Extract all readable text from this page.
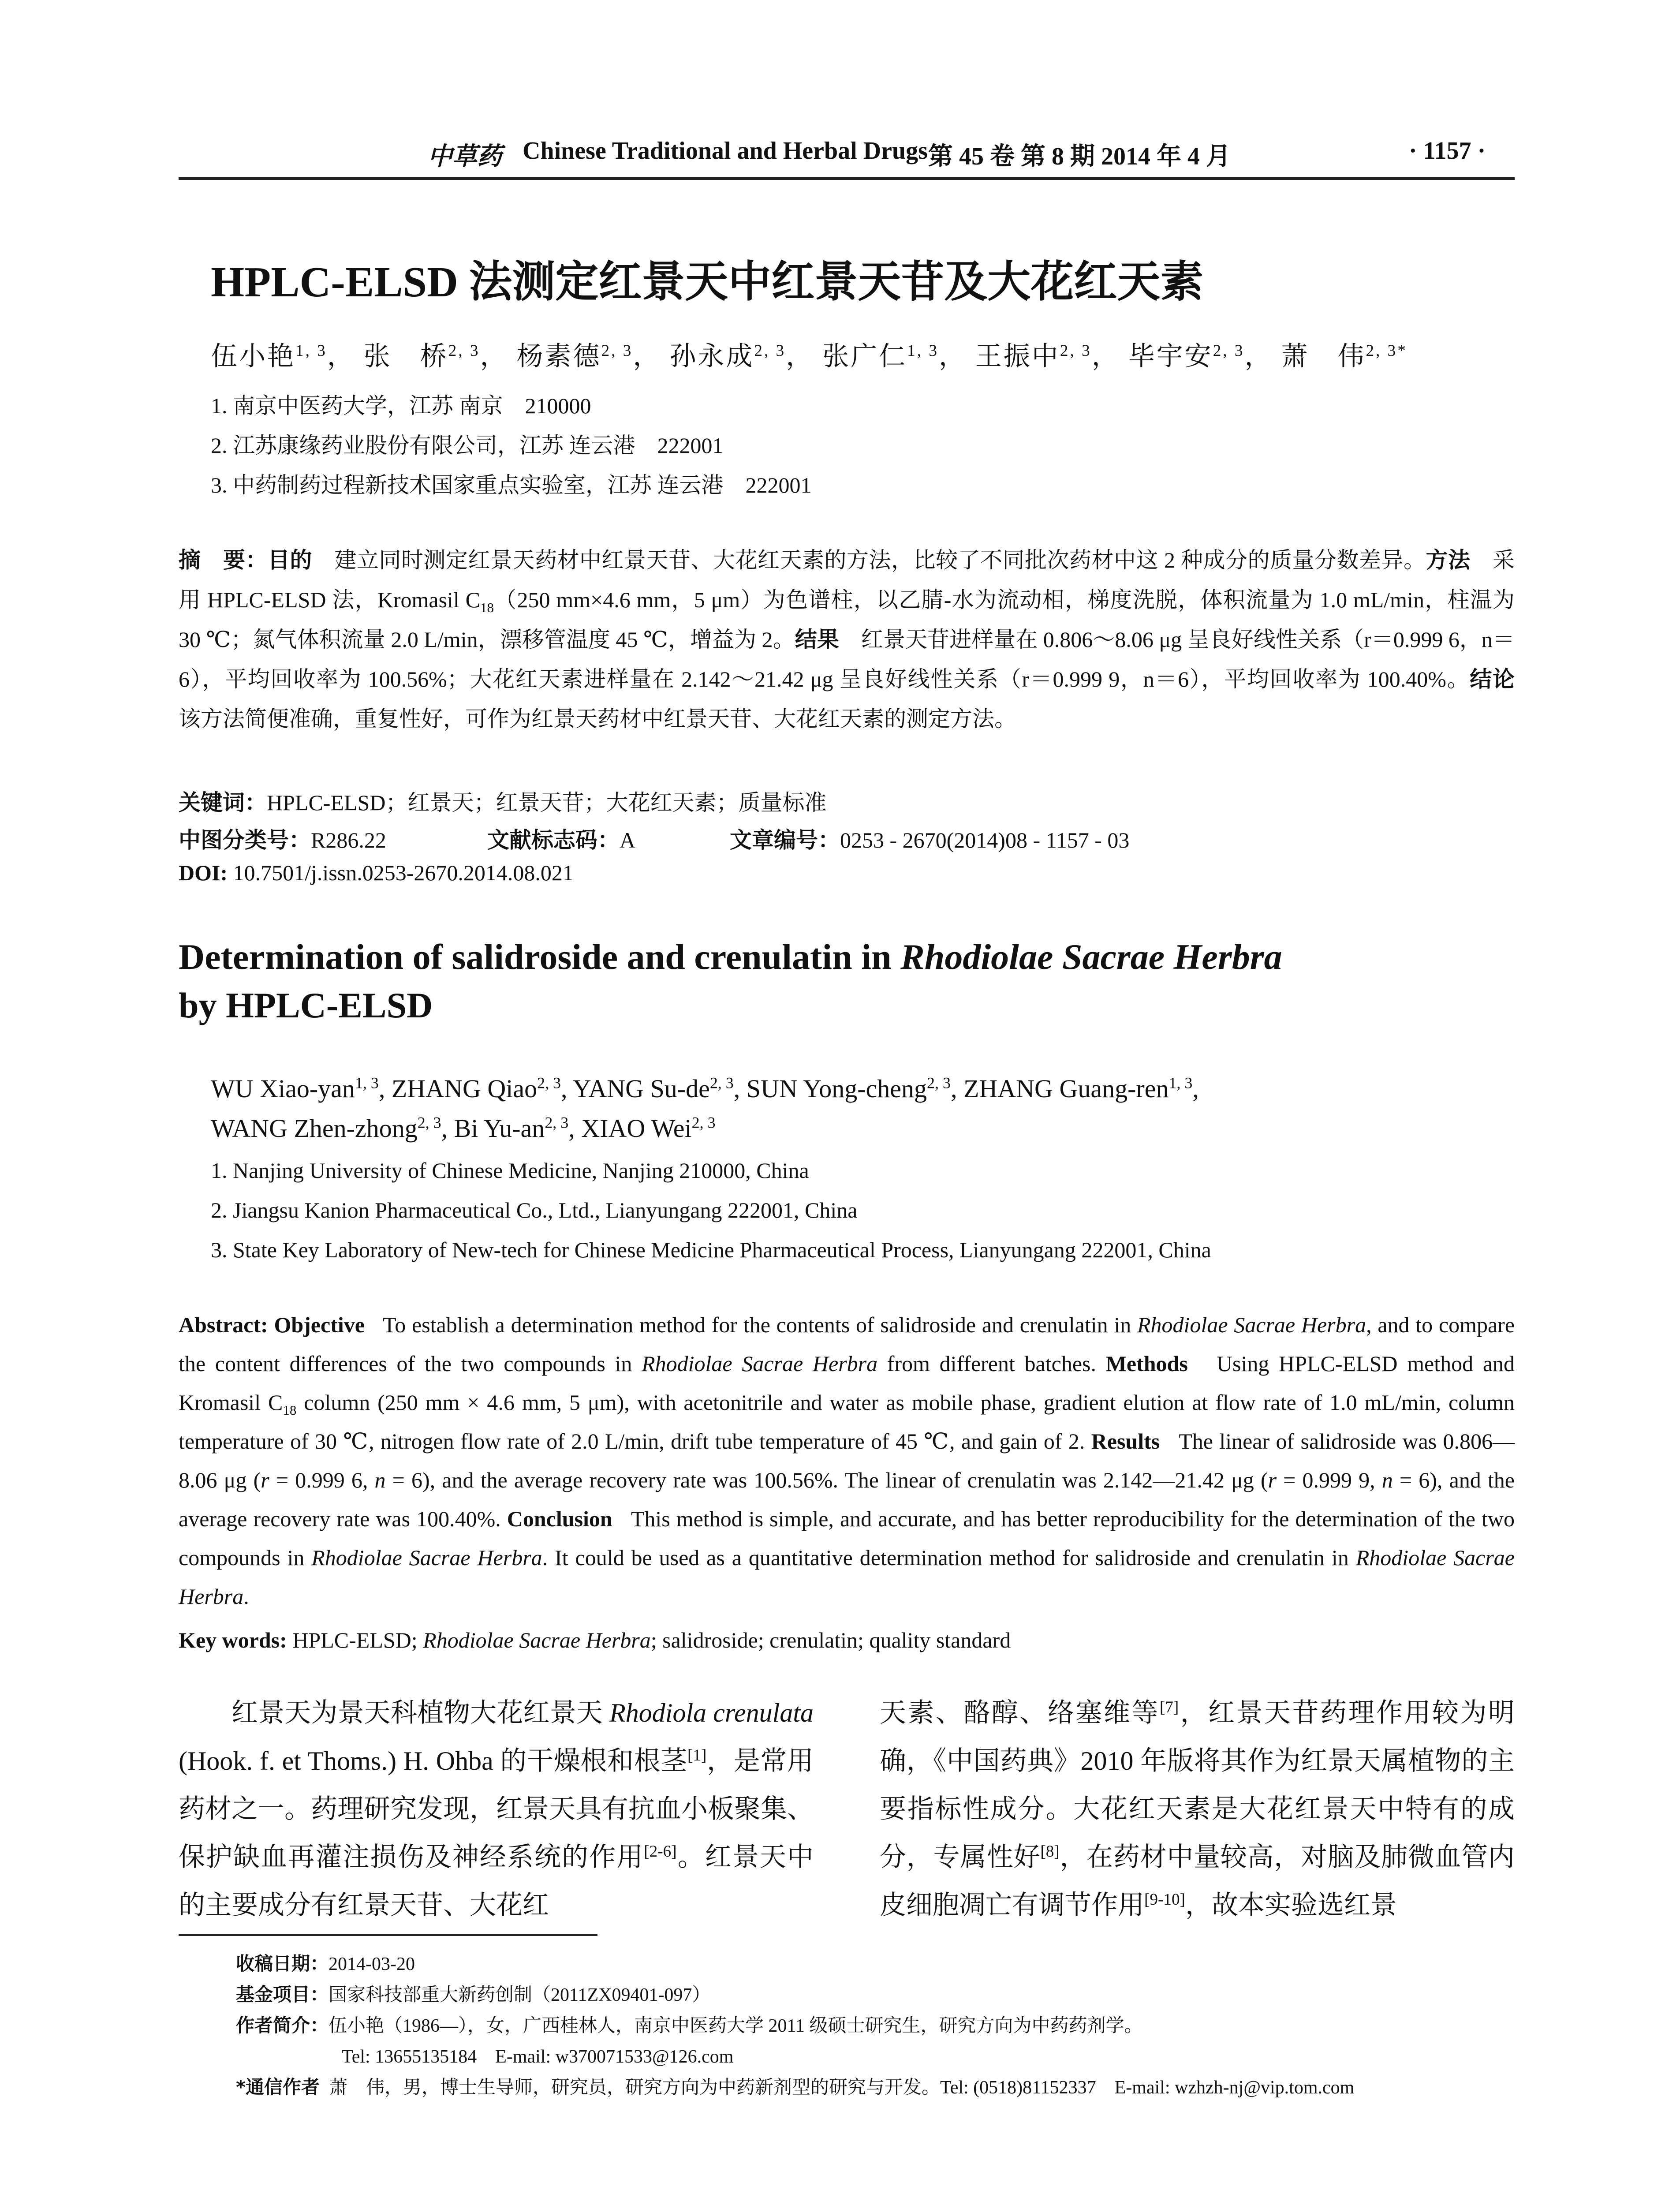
中草药 Chinese Traditional and Herbal Drugs 第 45 卷 第 8 期 2014 年 4 月	· 1157 ·
HPLC-ELSD 法测定红景天中红景天苷及大花红天素
伍小艳$^{1, 3}$， 张　桥$^{2, 3}$， 杨素德$^{2, 3}$， 孙永成$^{2, 3}$， 张广仁$^{1, 3}$， 王振中$^{2, 3}$， 毕宇安$^{2, 3}$， 萧　伟$^{2, 3*}$
1. 南京中医药大学，江苏 南京　210000
2. 江苏康缘药业股份有限公司，江苏 连云港　222001
3. 中药制药过程新技术国家重点实验室，江苏 连云港　222001
摘　要：目的　 建立同时测定红景天药材中红景天苷、大花红天素的方法，比较了不同批次药材中这 2 种成分的质量分数差异。方法　 采用 HPLC-ELSD 法，Kromasil $C_{18}(250$ mm×4.6 mm，5 μm）为色谱柱，以乙腈-水为流动相，梯度洗脱，体积流量为 1.0 mL/min，柱温为 30 ℃；氮气体积流量 2.0 L/min，漂移管温度 45 ℃，增益为 2。结果　 红景天苷进样量在 0.806～8.06 μg 呈良好线性关系（r＝0.999 6，n＝6），平均回收率为 100.56%；大花红天素进样量在 2.142～21.42 μg 呈良好线性关系（r＝0.999 9，n＝6），平均回收率为 100.40%。结论　该方法简便准确，重复性好，可作为红景天药材中红景天苷、大花红天素的测定方法。
关键词：HPLC-ELSD；红景天；红景天苷；大花红天素；质量标准
中图分类号：R286.22	文献标志码：A	文章编号：0253 - 2670(2014)08 - 1157 - 03
DOI: 10.7501/j.issn.0253-2670.2014.08.021
Determination of salidroside and crenulatin in Rhodiolae Sacrae Herbra
by HPLC-ELSD
WU Xiao-yan$^{1, 3}$, ZHANG Qiao$^{2, 3}$, YANG Su-de$^{2, 3}$, SUN Yong-cheng$^{2, 3}$, ZHANG Guang-ren$^{1, 3}$,
WANG Zhen-zhong$^{2, 3}$, Bi Yu-an$^{2, 3}$, XIAO Wei$^{2, 3}$
1. Nanjing University of Chinese Medicine, Nanjing 210000, China
2. Jiangsu Kanion Pharmaceutical Co., Ltd., Lianyungang 222001, China
3. State Key Laboratory of New-tech for Chinese Medicine Pharmaceutical Process, Lianyungang 222001, China
Abstract: Objective To establish a determination method for the contents of salidroside and crenulatin in Rhodiolae Sacrae Herbra, and to compare the content differences of the two compounds in Rhodiolae Sacrae Herbra from different batches. Methods Using HPLC-ELSD method and Kromasil $C_{18}$ column (250 mm × 4.6 mm, 5 μm), with acetonitrile and water as mobile phase, gradient elution at flow rate of 1.0 mL/min, column temperature of 30 ℃, nitrogen flow rate of 2.0 L/min, drift tube temperature of 45 ℃, and gain of 2. Results The linear of salidroside was 0.806—8.06 μg (r = 0.999 6, n = 6), and the average recovery rate was 100.56%. The linear of crenulatin was 2.142—21.42 μg (r = 0.999 9, n = 6), and the average recovery rate was 100.40%. Conclusion This method is simple, and accurate, and has better reproducibility for the determination of the two compounds in Rhodiolae Sacrae Herbra. It could be used as a quantitative determination method for salidroside and crenulatin in Rhodiolae Sacrae Herbra.
Key words: HPLC-ELSD; Rhodiolae Sacrae Herbra; salidroside; crenulatin; quality standard
红景天为景天科植物大花红景天 Rhodiola crenulata (Hook. f. et Thoms.) H. Ohba 的干燥根和根茎[1]，是常用药材之一。药理研究发现，红景天具有抗血小板聚集、保护缺血再灌注损伤及神经系统的作用[2-6]。红景天中的主要成分有红景天苷、大花红
天素、酪醇、络塞维等[7]，红景天苷药理作用较为明确，《中国药典》2010 年版将其作为红景天属植物的主要指标性成分。大花红天素是大花红景天中特有的成分，专属性好[8]，在药材中量较高，对脑及肺微血管内皮细胞凋亡有调节作用[9-10]，故本实验选红景
收稿日期：2014-03-20
基金项目：国家科技部重大新药创制（2011ZX09401-097）
作者简介：伍小艳（1986—），女，广西桂林人，南京中医药大学 2011 级硕士研究生，研究方向为中药药剂学。
Tel: 13655135184　E-mail: w370071533@126.com
*通信作者 萧　伟，男，博士生导师，研究员，研究方向为中药新剂型的研究与开发。Tel: (0518)81152337　E-mail: wzhzh-nj@vip.tom.com
